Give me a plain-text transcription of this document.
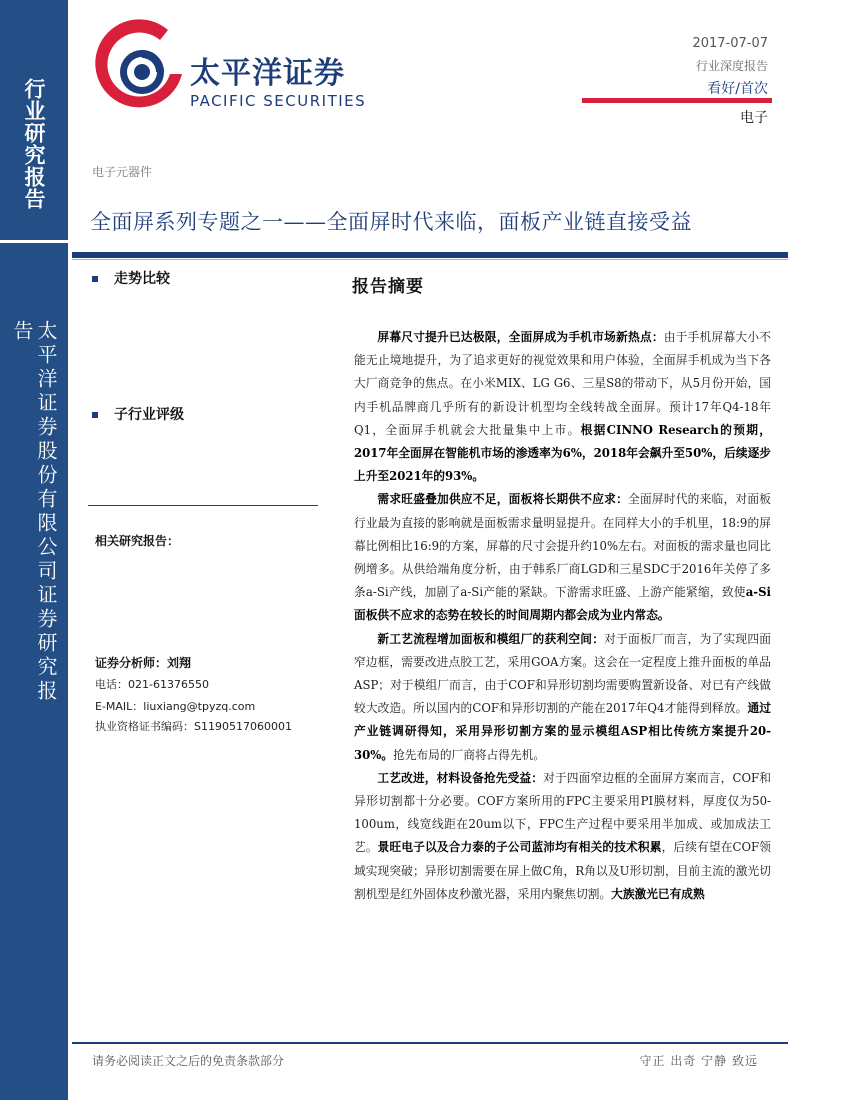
行业研究报告
太平洋证券股份有限公司证券研究报告
太平洋证券
PACIFIC SECURITIES
2017-07-07
行业深度报告
看好/首次
电子
电子元器件
全面屏系列专题之一——全面屏时代来临，面板产业链直接受益
走势比较
子行业评级
相关研究报告：
证券分析师：刘翔
电话：021-61376550
E-MAIL：liuxiang@tpyzq.com
执业资格证书编码：S1190517060001
报告摘要

屏幕尺寸提升已达极限，全面屏成为手机市场新热点：由于手机屏幕大小不能无止境地提升，为了追求更好的视觉效果和用户体验，全面屏手机成为当下各大厂商竞争的焦点。在小米MIX、LG G6、三星S8的带动下，从5月份开始，国内手机品牌商几乎所有的新设计机型均全线转战全面屏。预计17年Q4-18年Q1，全面屏手机就会大批量集中上市。根据CINNO Research的预期，2017年全面屏在智能机市场的渗透率为6%，2018年会飙升至50%，后续逐步上升至2021年的93%。

需求旺盛叠加供应不足，面板将长期供不应求：全面屏时代的来临，对面板行业最为直接的影响就是面板需求量明显提升。在同样大小的手机里，18:9的屏幕比例相比16:9的方案，屏幕的尺寸会提升约10%左右。对面板的需求量也同比例增多。从供给端角度分析，由于韩系厂商LGD和三星SDC于2016年关停了多条a-Si产线，加剧了a-Si产能的紧缺。下游需求旺盛、上游产能紧缩，致使a-Si面板供不应求的态势在较长的时间周期内都会成为业内常态。

新工艺流程增加面板和模组厂的获利空间：对于面板厂而言，为了实现四面窄边框，需要改进点胶工艺，采用GOA方案。这会在一定程度上推升面板的单品ASP；对于模组厂而言，由于COF和异形切割均需要购置新设备、对已有产线做较大改造。所以国内的COF和异形切割的产能在2017年Q4才能得到释放。通过产业链调研得知，采用异形切割方案的显示模组ASP相比传统方案提升20-30%。抢先布局的厂商将占得先机。

工艺改进，材料设备抢先受益：对于四面窄边框的全面屏方案而言，COF和异形切割都十分必要。COF方案所用的FPC主要采用PI膜材料，厚度仅为50-100um，线宽线距在20um以下，FPC生产过程中要采用半加成、或加成法工艺。景旺电子以及合力泰的子公司蓝沛均有相关的技术积累，后续有望在COF领域实现突破；异形切割需要在屏上做C角，R角以及U形切割，目前主流的激光切割机型是红外固体皮秒激光器，采用内聚焦切割。大族激光已有成熟

请务必阅读正文之后的免责条款部分	守正 出奇 宁静 致远
